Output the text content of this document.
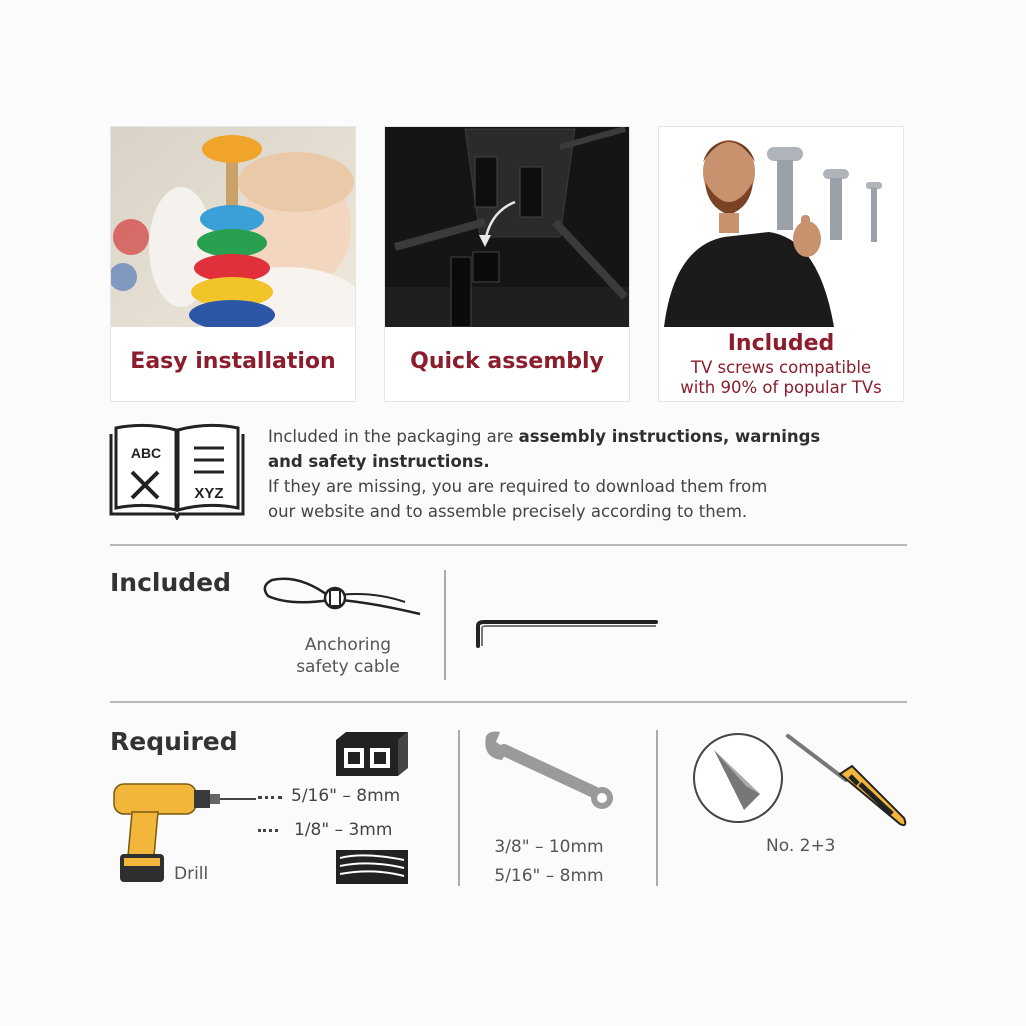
Easy installation	Quick assembly
Included
TV screws compatible
with 90% of popular TVs
ABC
XYZ
Included in the packaging are assembly instructions, warnings
and safety instructions.
If they are missing, you are required to download them from
our website and to assemble precisely according to them.
Included
Anchoring
safety cable
Required
Drill
5/16" – 8mm
1/8" – 3mm
3/8" – 10mm
5/16" – 8mm
No. 2+3
